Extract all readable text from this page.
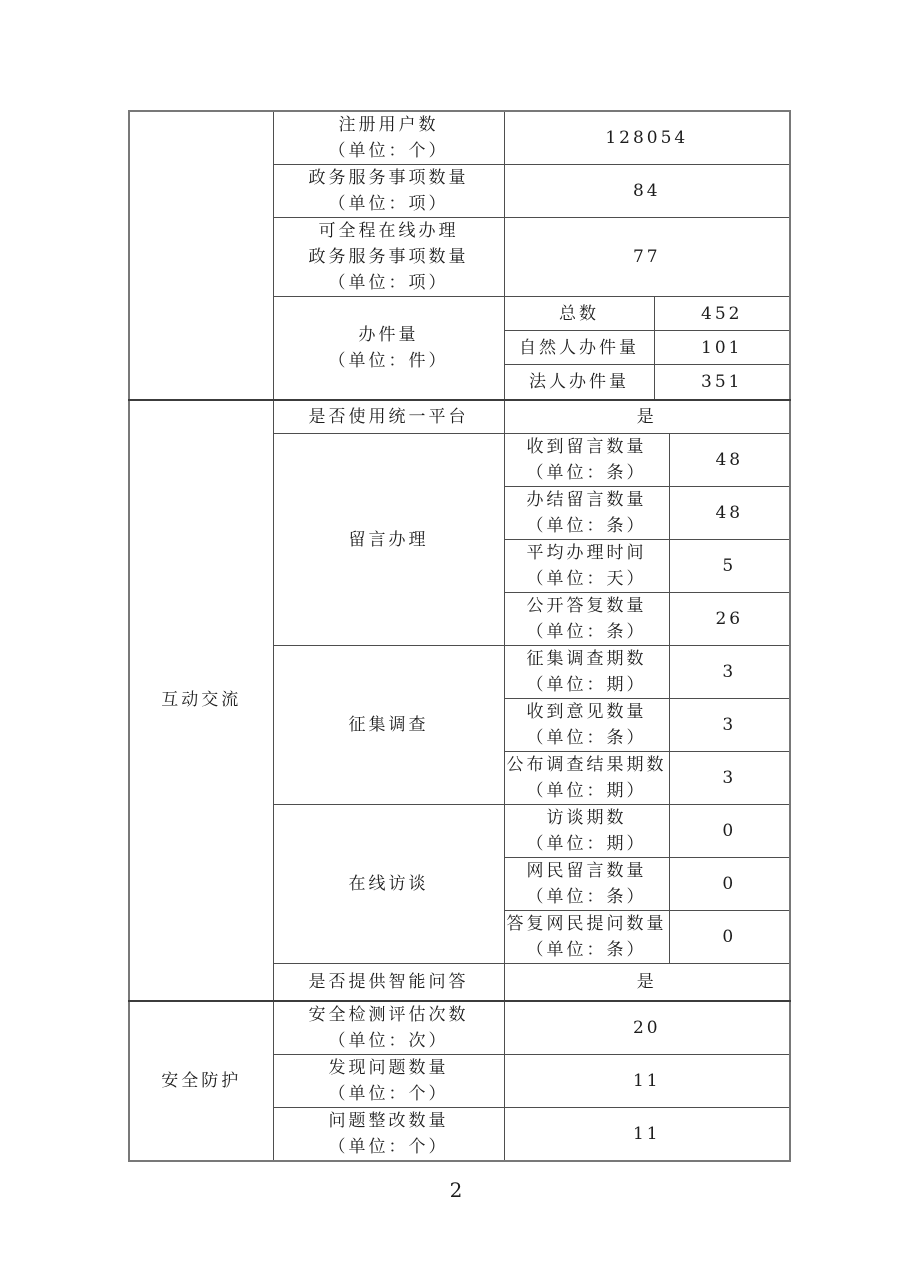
	注册用户数
（单位：个）	128054		

	政务服务事项数量
（单位：项）	84		

	可全程在线办理
政务服务事项数量
（单位：项）	77		

	办件量
（单位：件）	总数	452	
		自然人办件量	101	
		法人办件量	351	
互动交流	是否使用统一平台	是		
	留言办理	收到留言数量
（单位：条）		48

		办结留言数量
（单位：条）		48

		平均办理时间
（单位：天）		5

		公开答复数量
（单位：条）		26
	征集调查	征集调查期数
（单位：期）		3

		收到意见数量
（单位：条）		3

		公布调查结果期数
（单位：期）		3
	在线访谈	访谈期数
（单位：期）		0

		网民留言数量
（单位：条）		0

		答复网民提问数量
（单位：条）		0
	是否提供智能问答	是		
安全防护	安全检测评估次数
（单位：次）	20		

	发现问题数量
（单位：个）	11		

	问题整改数量
（单位：个）	11		
2
